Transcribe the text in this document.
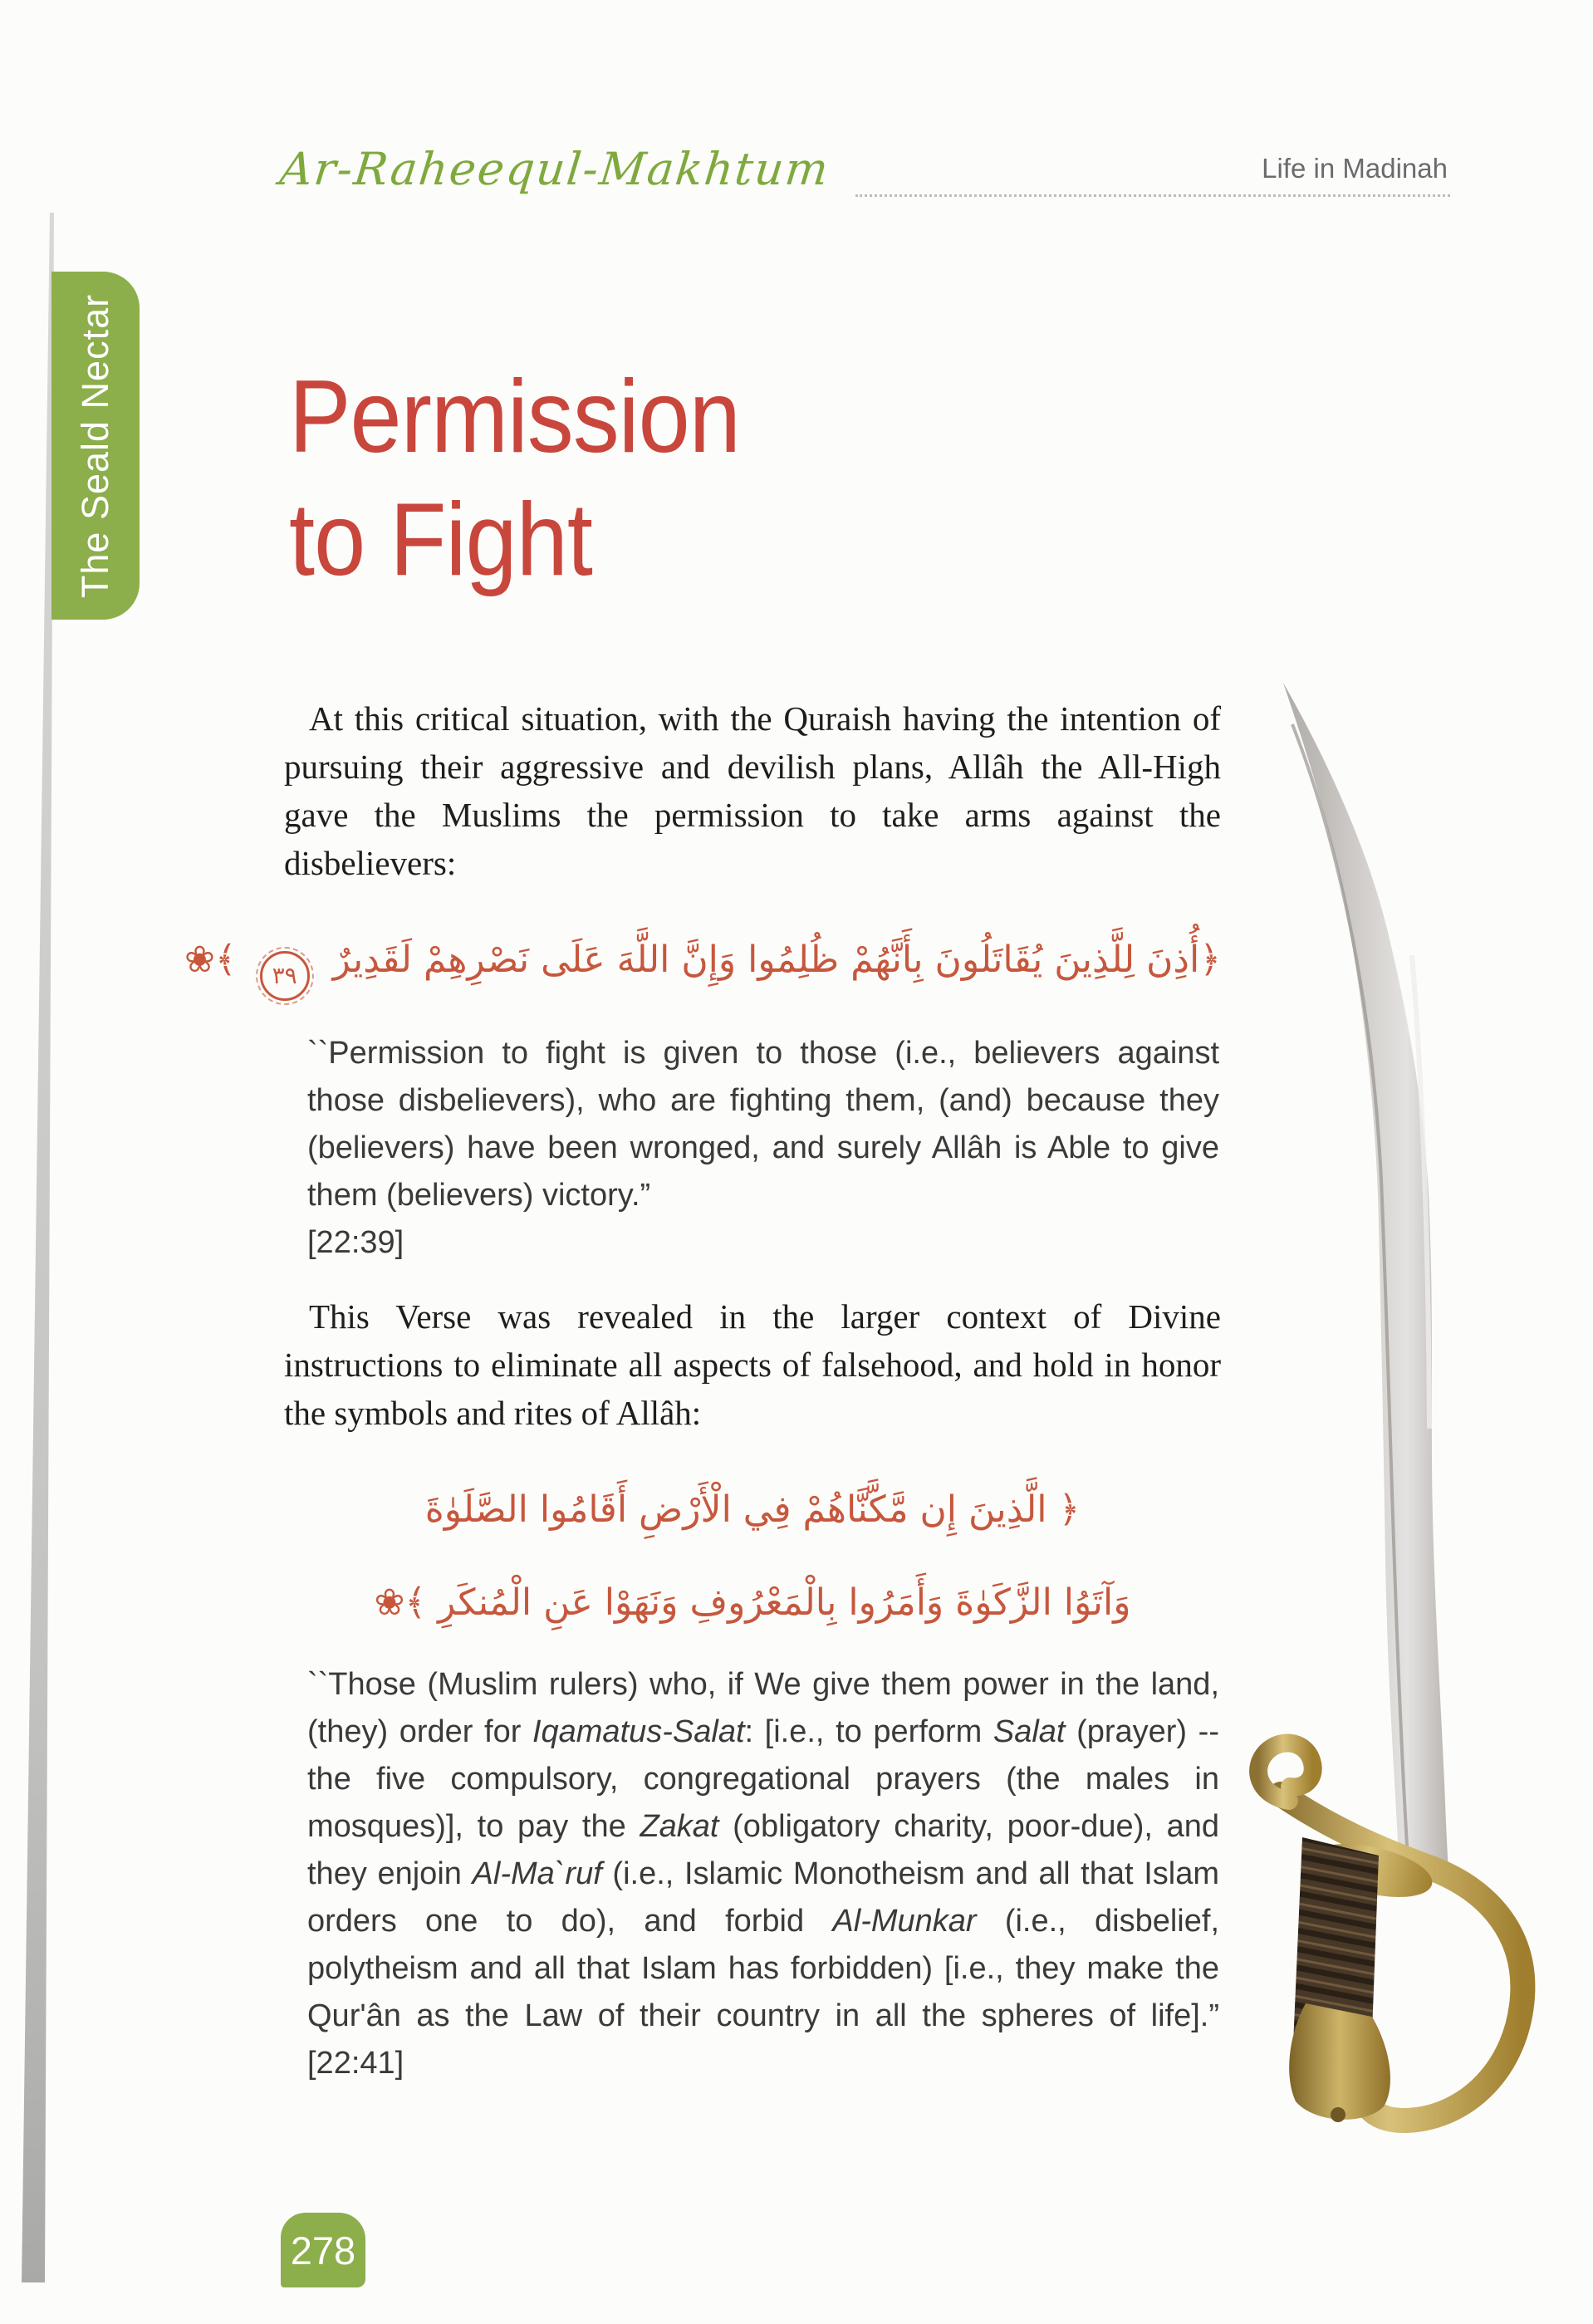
The Seald Nectar
Ar-Raheequl-Makhtum	Life in Madinah
Permission
to Fight
At this critical situation, with the Quraish having the intention of pursuing their aggressive and devilish plans, Allâh the All-High gave the Muslims the permission to take arms against the disbelievers:
﴿أُذِنَ لِلَّذِينَ يُقَاتَلُونَ بِأَنَّهُمْ ظُلِمُوا وَإِنَّ اللَّهَ عَلَى نَصْرِهِمْ لَقَدِيرٌ ٣٩ ﴾❀
``Permission to fight is given to those (i.e., believers against those disbelievers), who are fighting them, (and) because they (believers) have been wronged, and surely Allâh is Able to give them (believers) victory.”
[22:39]
This Verse was revealed in the larger context of Divine instructions to eliminate all aspects of falsehood, and hold in honor the symbols and rites of Allâh:
﴿ الَّذِينَ إِن مَّكَّنَّاهُمْ فِي الْأَرْضِ أَقَامُوا الصَّلَوٰةَ
وَآتَوُا الزَّكَوٰةَ وَأَمَرُوا بِالْمَعْرُوفِ وَنَهَوْا عَنِ الْمُنكَرِ ﴾❀
``Those (Muslim rulers) who, if We give them power in the land, (they) order for Iqamatus-Salat: [i.e., to perform Salat (prayer) -- the five compulsory, congregational prayers (the males in mosques)], to pay the Zakat (obligatory charity, poor-due), and they enjoin Al-Ma`ruf (i.e., Islamic Monotheism and all that Islam orders one to do), and forbid Al-Munkar (i.e., disbelief, polytheism and all that Islam has forbidden) [i.e., they make the Qur'ân as the Law of their country in all the spheres of life].” [22:41]
278
